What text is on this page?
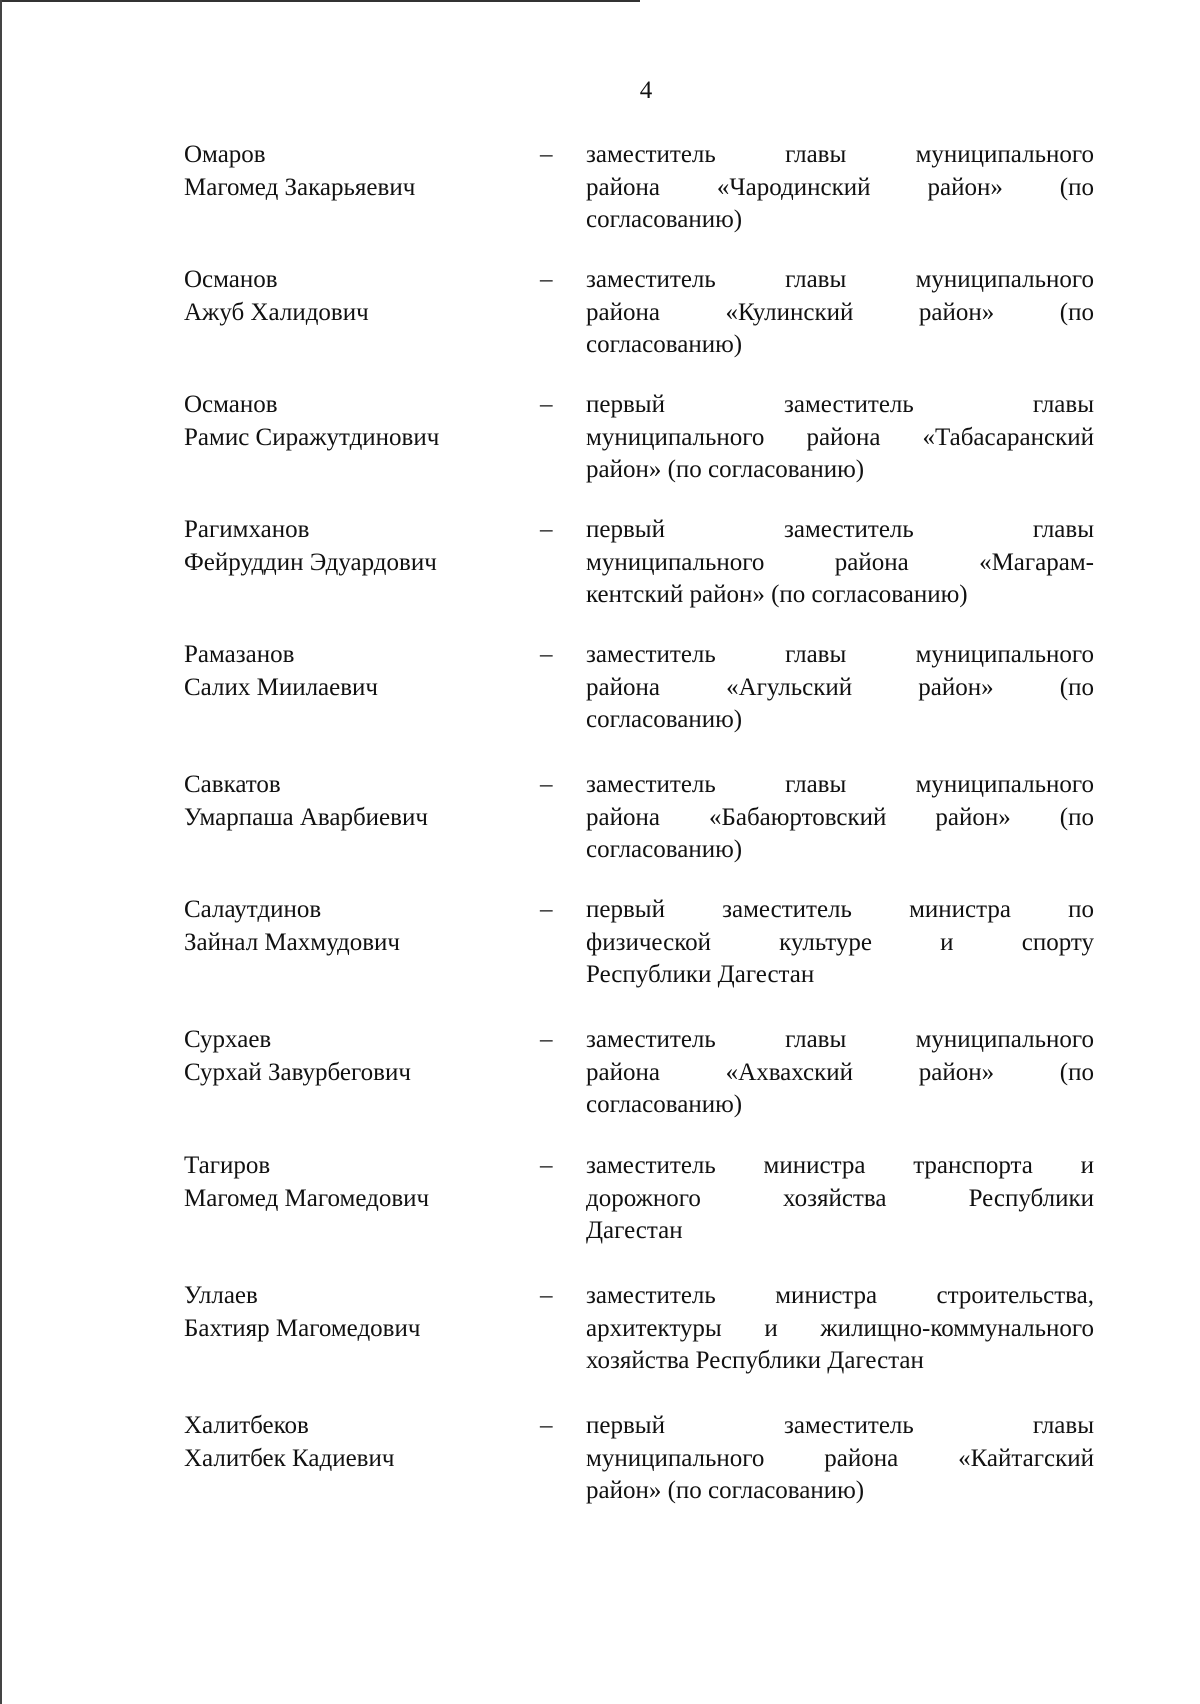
4
Омаров
Магомед Закарьяевич
– заместитель главы муниципального
района «Чародинский район» (по
согласованию)
Османов
Ажуб Халидович
– заместитель главы муниципального
района «Кулинский район» (по
согласованию)
Османов
Рамис Сиражутдинович
– первый заместитель главы
муниципального района «Табасаранский
район» (по согласованию)
Рагимханов
Фейруддин Эдуардович
– первый заместитель главы
муниципального района «Магарам-
кентский район» (по согласованию)
Рамазанов
Салих Миилаевич
– заместитель главы муниципального
района «Агульский район» (по
согласованию)
Савкатов
Умарпаша Аварбиевич
– заместитель главы муниципального
района «Бабаюртовский район» (по
согласованию)
Салаутдинов
Зайнал Махмудович
– первый заместитель министра по
физической культуре и спорту
Республики Дагестан
Сурхаев
Сурхай Завурбегович
– заместитель главы муниципального
района «Ахвахский район» (по
согласованию)
Тагиров
Магомед Магомедович
– заместитель министра транспорта и
дорожного хозяйства Республики
Дагестан
Уллаев
Бахтияр Магомедович
– заместитель министра строительства,
архитектуры и жилищно-коммунального
хозяйства Республики Дагестан
Халитбеков
Халитбек Кадиевич
– первый заместитель главы
муниципального района «Кайтагский
район» (по согласованию)
